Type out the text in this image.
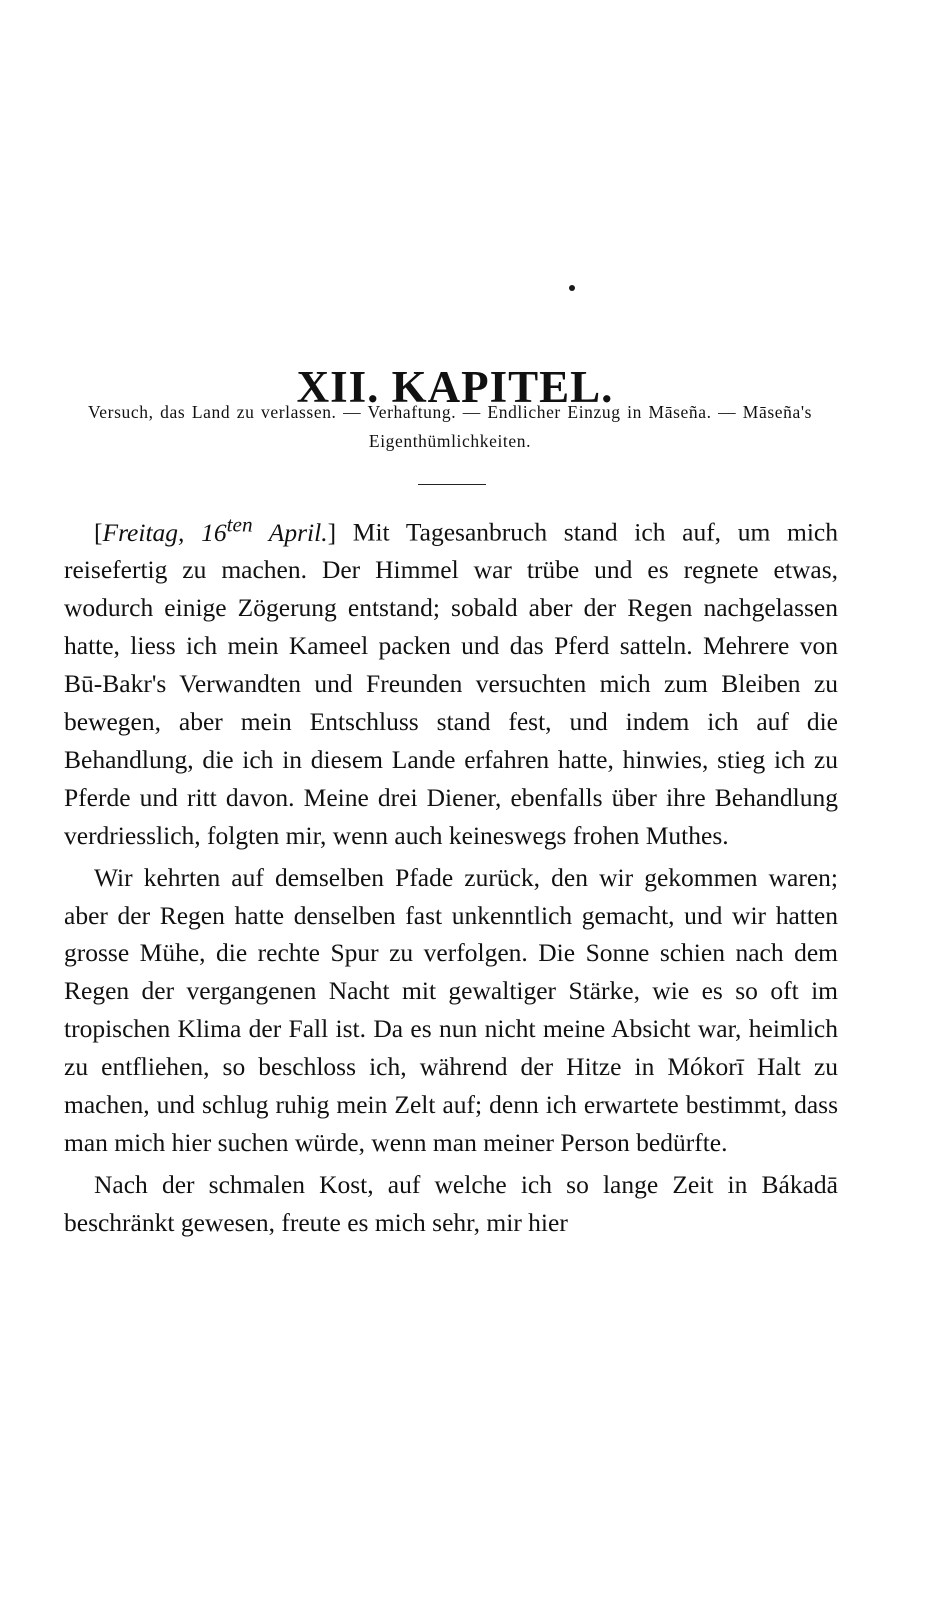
XII. KAPITEL.
Versuch, das Land zu verlassen. — Verhaftung. — Endlicher Einzug in Māseña. — Māseña's Eigenthümlichkeiten.

[Freitag, $16^{ten}$ April.] Mit Tagesanbruch stand ich auf, um mich reisefertig zu machen. Der Himmel war trübe und es regnete etwas, wodurch einige Zögerung entstand; sobald aber der Regen nachgelassen hatte, liess ich mein Kameel packen und das Pferd satteln. Mehrere von Bū-Bakr's Verwandten und Freunden versuchten mich zum Bleiben zu bewegen, aber mein Entschluss stand fest, und indem ich auf die Behandlung, die ich in diesem Lande erfahren hatte, hinwies, stieg ich zu Pferde und ritt davon. Meine drei Diener, ebenfalls über ihre Behandlung verdriesslich, folgten mir, wenn auch keineswegs frohen Muthes.

Wir kehrten auf demselben Pfade zurück, den wir gekommen waren; aber der Regen hatte denselben fast unkenntlich gemacht, und wir hatten grosse Mühe, die rechte Spur zu verfolgen. Die Sonne schien nach dem Regen der vergangenen Nacht mit gewaltiger Stärke, wie es so oft im tropischen Klima der Fall ist. Da es nun nicht meine Absicht war, heimlich zu entfliehen, so beschloss ich, während der Hitze in Mókorī Halt zu machen, und schlug ruhig mein Zelt auf; denn ich erwartete bestimmt, dass man mich hier suchen würde, wenn man meiner Person bedürfte.

Nach der schmalen Kost, auf welche ich so lange Zeit in Bákadā beschränkt gewesen, freute es mich sehr, mir hier
